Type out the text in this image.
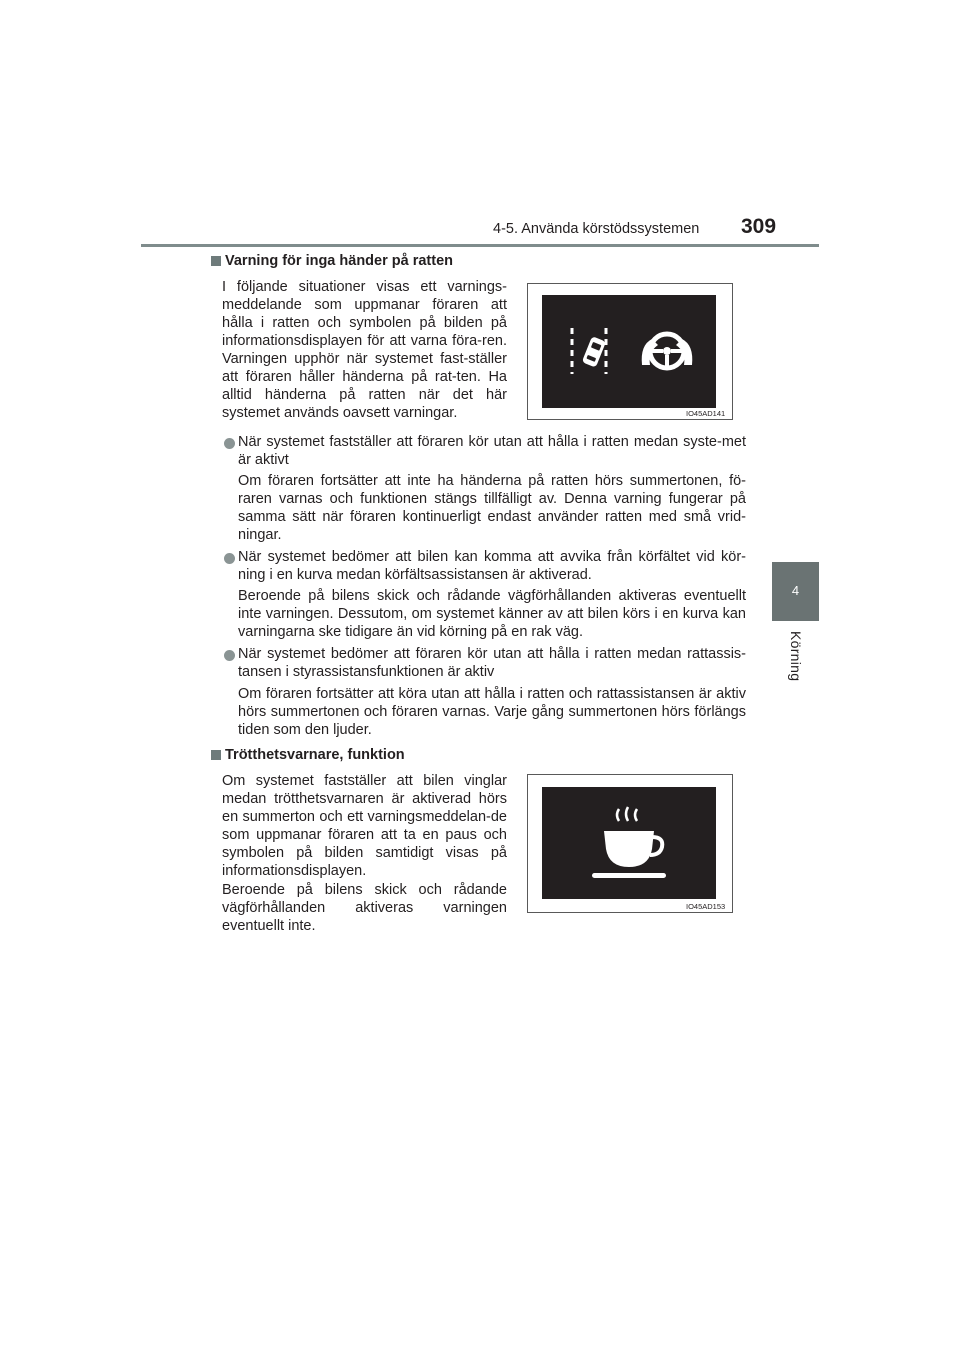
4-5. Använda körstödssystemen 309
4
Körning
Varning för inga händer på ratten

I följande situationer visas ett varnings-meddelande som uppmanar föraren att hålla i ratten och symbolen på bilden på informationsdisplayen för att varna föra-ren. Varningen upphör när systemet fast-ställer att föraren håller händerna på rat-ten. Ha alltid händerna på ratten när det här systemet används oavsett varningar.	IO45AD141

När systemet fastställer att föraren kör utan att hålla i ratten medan syste-met är aktivt

Om föraren fortsätter att inte ha händerna på ratten hörs summertonen, fö-raren varnas och funktionen stängs tillfälligt av. Denna varning fungerar på samma sätt när föraren kontinuerligt endast använder ratten med små vrid-ningar.

När systemet bedömer att bilen kan komma att avvika från körfältet vid kör-ning i en kurva medan körfältsassistansen är aktiverad.

Beroende på bilens skick och rådande vägförhållanden aktiveras eventuellt inte varningen. Dessutom, om systemet känner av att bilen körs i en kurva kan varningarna ske tidigare än vid körning på en rak väg.

När systemet bedömer att föraren kör utan att hålla i ratten medan rattassis-tansen i styrassistansfunktionen är aktiv

Om föraren fortsätter att köra utan att hålla i ratten och rattassistansen är aktiv hörs summertonen och föraren varnas. Varje gång summertonen hörs förlängs tiden som den ljuder.

Trötthetsvarnare, funktion

Om systemet fastställer att bilen vinglar medan trötthetsvarnaren är aktiverad hörs en summerton och ett varningsmeddelan-de som uppmanar föraren att ta en paus och symbolen på bilden samtidigt visas på informationsdisplayen.

Beroende på bilens skick och rådande vägförhållanden aktiveras varningen eventuellt inte.

IO45AD153
